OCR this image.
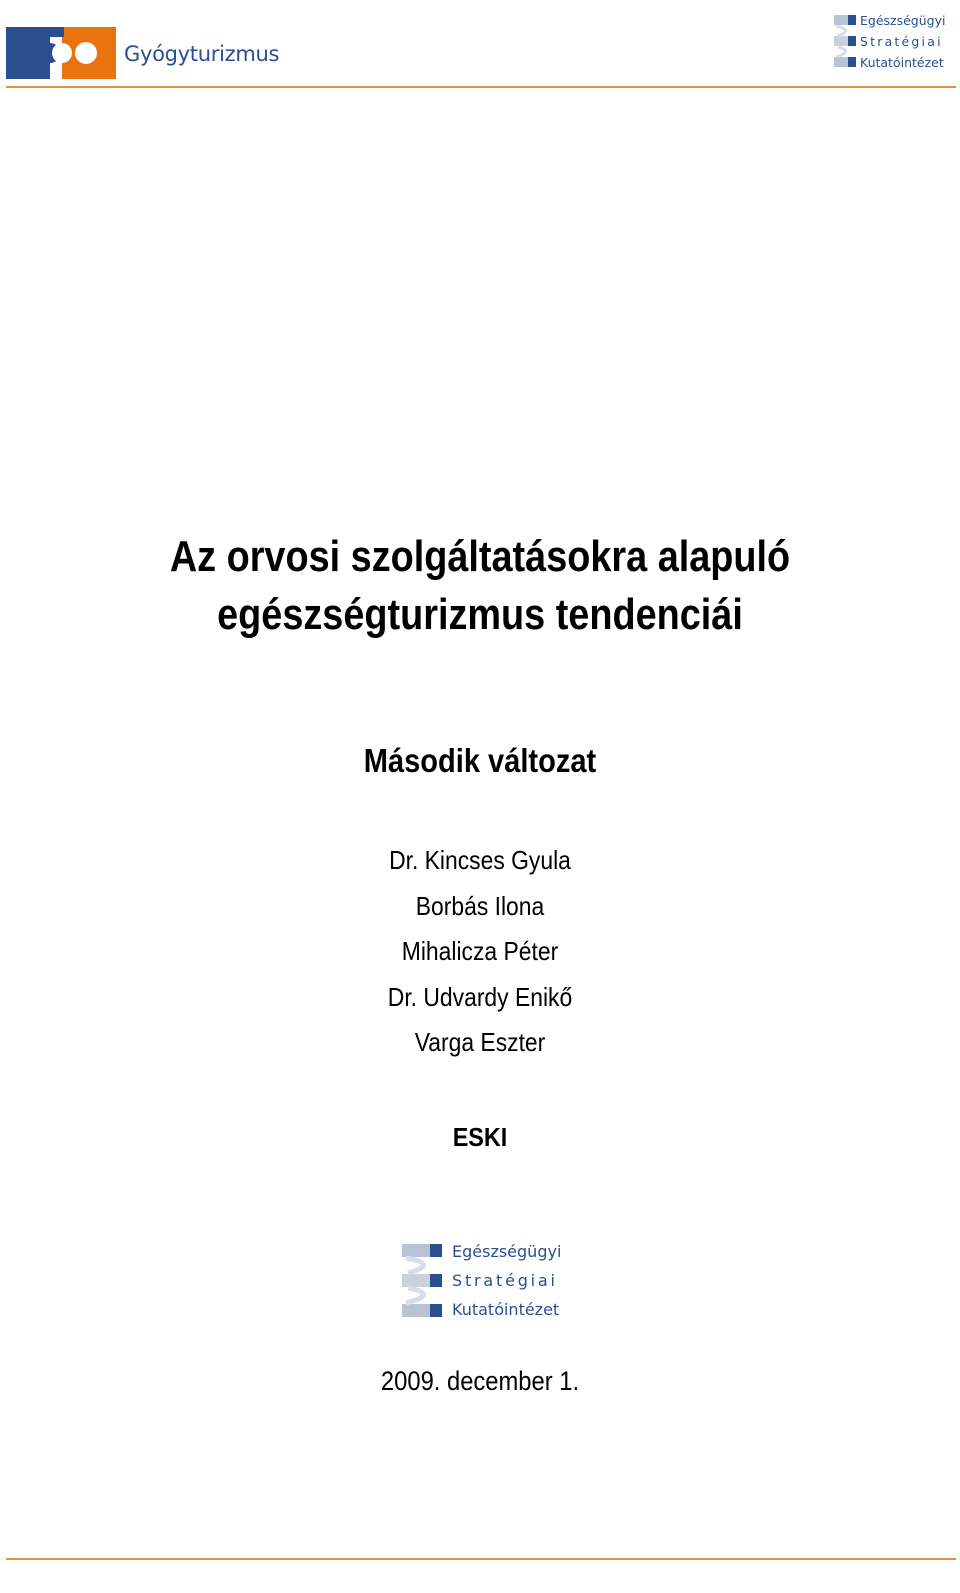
Gyógyturizmus
Egészségügyi
Stratégiai
Kutatóintézet
Az orvosi szolgáltatásokra alapuló
egészségturizmus tendenciái
Második változat
Dr. Kincses Gyula
Borbás Ilona
Mihalicza Péter
Dr. Udvardy Enikő
Varga Eszter
ESKI
Egészségügyi
Stratégiai
Kutatóintézet
2009. december 1.
